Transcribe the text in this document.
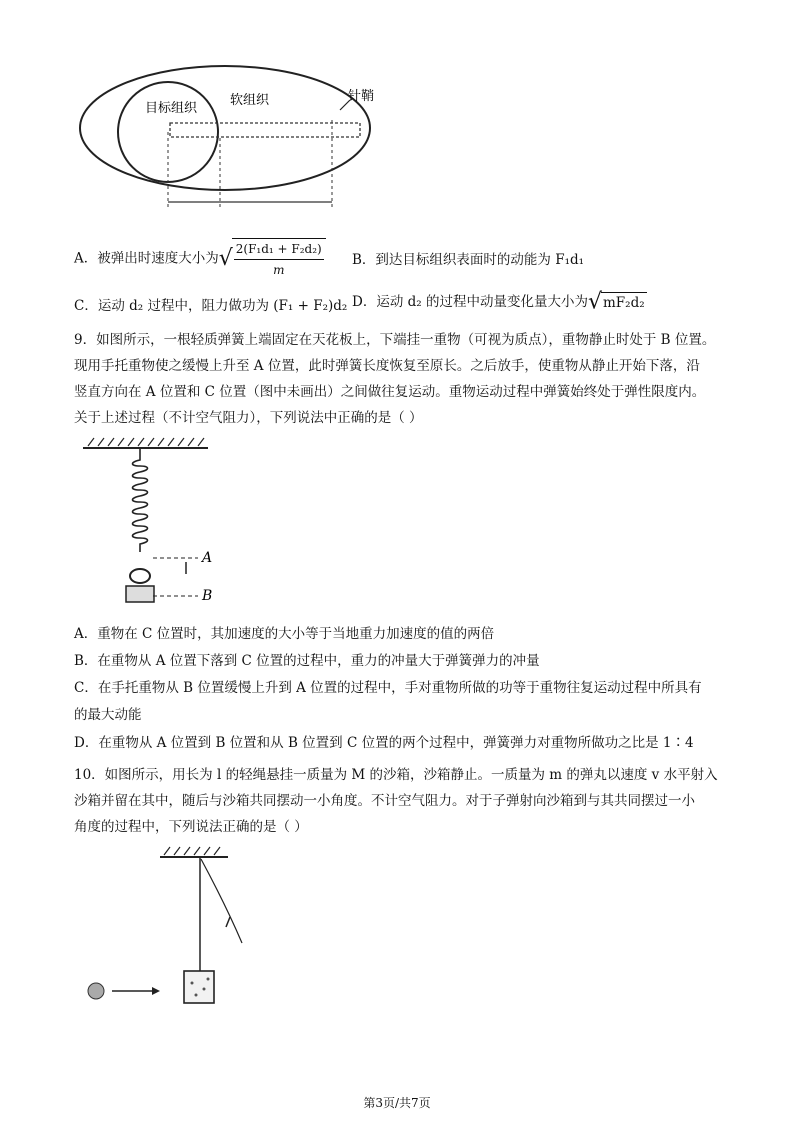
目标组织
软组织	针鞘
A．被弹出时速度大小为√ $\frac{\text{2(F₁d₁ + F₂d₂)}}{m}$ B．到达目标组织表面时的动能为 F₁d₁
C．运动 d₂ 过程中，阻力做功为 (F₁ + F₂)d₂ D．运动 d₂ 的过程中动量变化量大小为√mF₂d₂
9．如图所示，一根轻质弹簧上端固定在天花板上，下端挂一重物（可视为质点），重物静止时处于 B 位置。
现用手托重物使之缓慢上升至 A 位置，此时弹簧长度恢复至原长。之后放手，使重物从静止开始下落，沿
竖直方向在 A 位置和 C 位置（图中未画出）之间做往复运动。重物运动过程中弹簧始终处于弹性限度内。
关于上述过程（不计空气阻力），下列说法中正确的是（ ）
A
B
A．重物在 C 位置时，其加速度的大小等于当地重力加速度的值的两倍
B．在重物从 A 位置下落到 C 位置的过程中，重力的冲量大于弹簧弹力的冲量
C．在手托重物从 B 位置缓慢上升到 A 位置的过程中，手对重物所做的功等于重物往复运动过程中所具有
的最大动能
D．在重物从 A 位置到 B 位置和从 B 位置到 C 位置的两个过程中，弹簧弹力对重物所做功之比是 1∶4
10．如图所示，用长为 l 的轻绳悬挂一质量为 M 的沙箱，沙箱静止。一质量为 m 的弹丸以速度 v 水平射入
沙箱并留在其中，随后与沙箱共同摆动一小角度。不计空气阻力。对于子弹射向沙箱到与其共同摆过一小
角度的过程中，下列说法正确的是（ ）
第3页/共7页
